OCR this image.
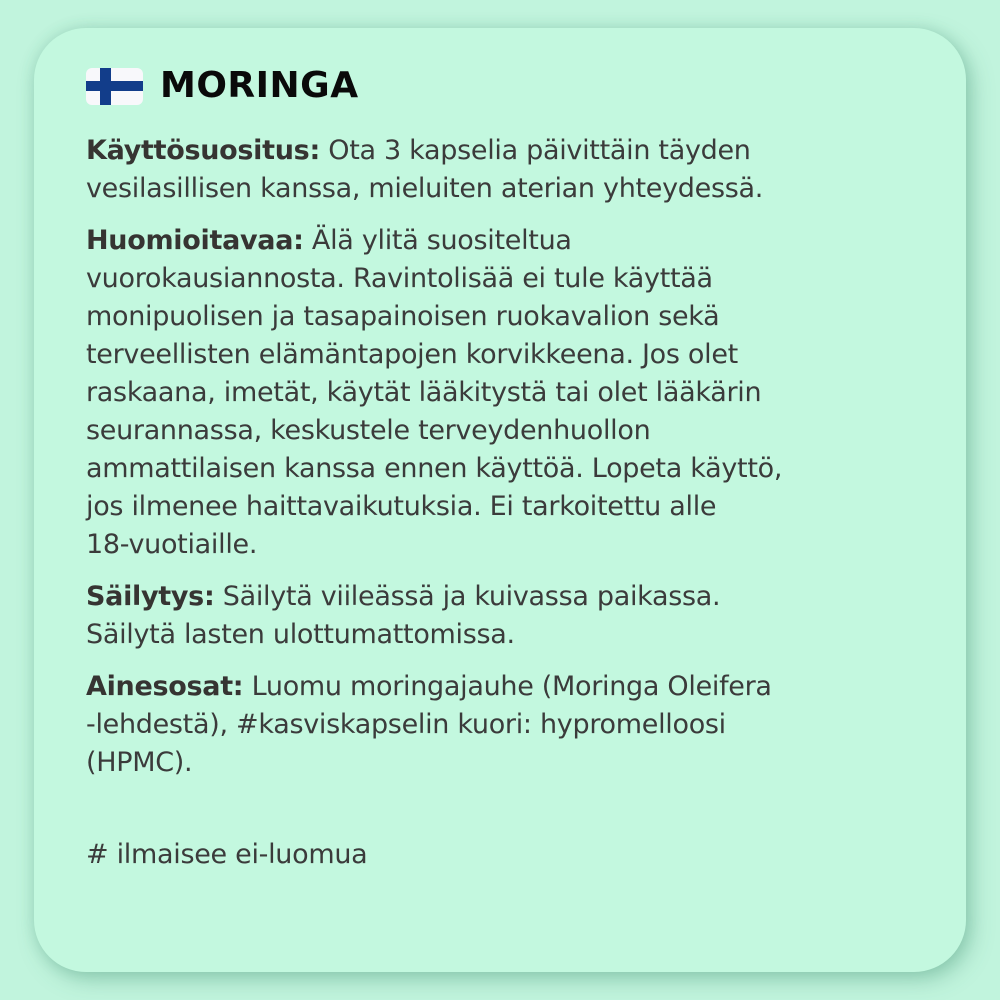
MORINGA
Käyttösuositus: Ota 3 kapselia päivittäin täyden
vesilasillisen kanssa, mieluiten aterian yhteydessä.
Huomioitavaa: Älä ylitä suositeltua
vuorokausiannosta. Ravintolisää ei tule käyttää
monipuolisen ja tasapainoisen ruokavalion sekä
terveellisten elämäntapojen korvikkeena. Jos olet
raskaana, imetät, käytät lääkitystä tai olet lääkärin
seurannassa, keskustele terveydenhuollon
ammattilaisen kanssa ennen käyttöä. Lopeta käyttö,
jos ilmenee haittavaikutuksia. Ei tarkoitettu alle
18-vuotiaille.
Säilytys: Säilytä viileässä ja kuivassa paikassa.
Säilytä lasten ulottumattomissa.
Ainesosat: Luomu moringajauhe (Moringa Oleifera
-lehdestä), #kasviskapselin kuori: hypromelloosi
(HPMC).
# ilmaisee ei-luomua
